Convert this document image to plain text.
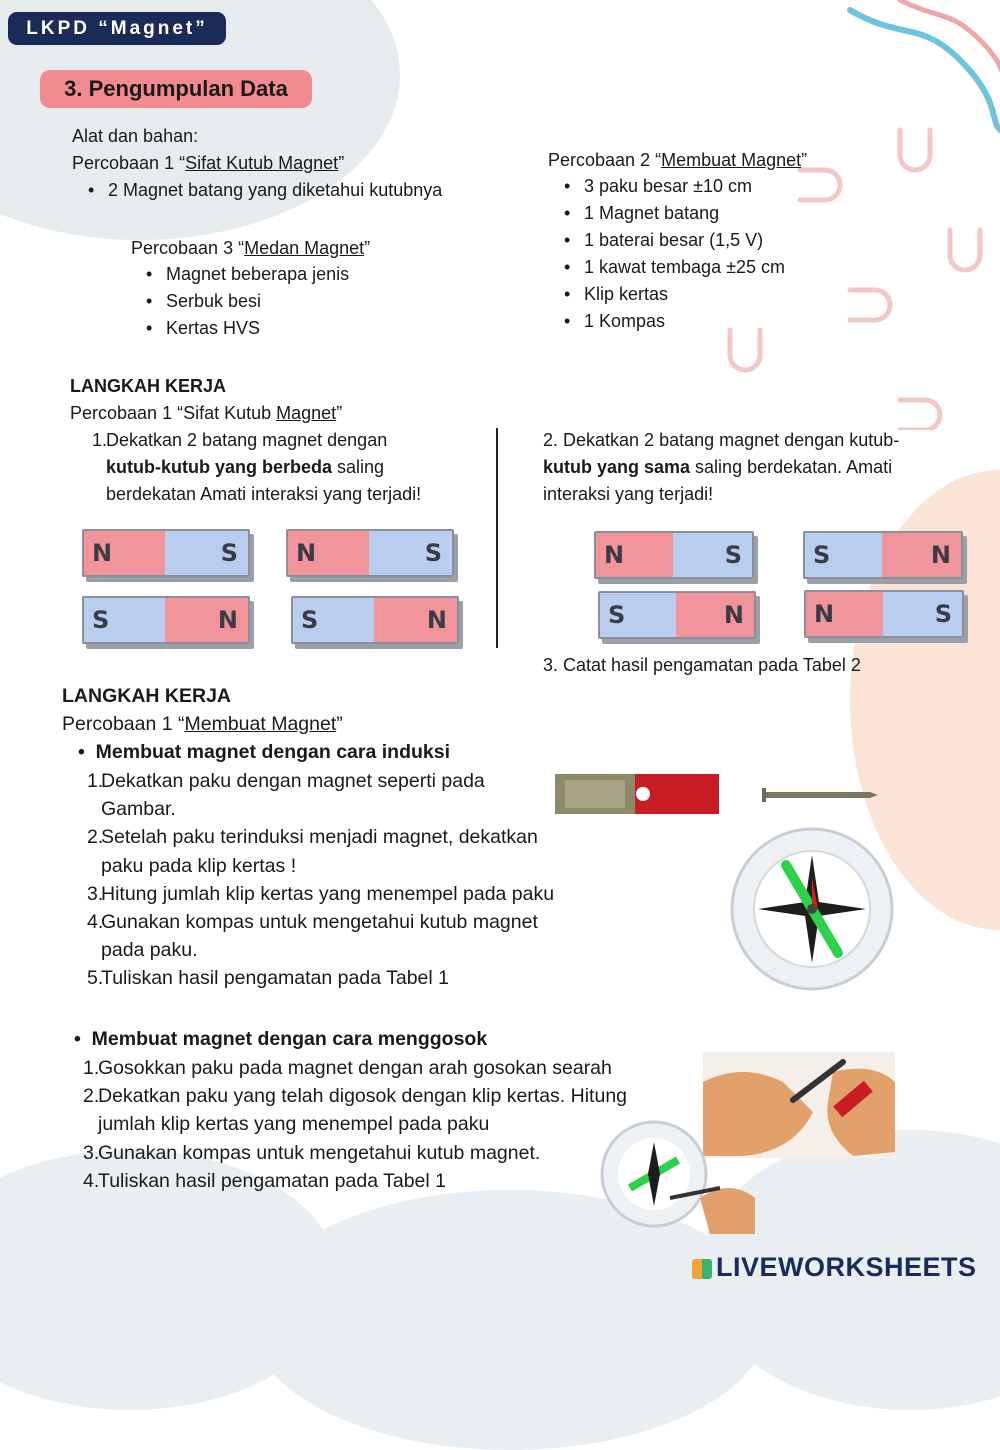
LKPD “Magnet”
3. Pengumpulan Data
Alat dan bahan:
Percobaan 1 “Sifat Kutub Magnet”
• 2 Magnet batang yang diketahui kutubnya
Percobaan 3 “Medan Magnet”
• Magnet beberapa jenis
• Serbuk besi
• Kertas HVS
Percobaan 2 “Membuat Magnet”
• 3 paku besar ±10 cm
• 1 Magnet batang
• 1 baterai besar (1,5 V)
• 1 kawat tembaga ±25 cm
• Klip kertas
• 1 Kompas
LANGKAH KERJA
Percobaan 1 “Sifat Kutub Magnet”
1.
Dekatkan 2 batang magnet dengan
kutub-kutub yang berbeda saling
berdekatan Amati interaksi yang terjadi!
2. Dekatkan 2 batang magnet dengan kutub-
kutub yang sama saling berdekatan. Amati
interaksi yang terjadi!
N	S	N	S
S	N	S	N
N	S	S	N
S	N	N	S
3. Catat hasil pengamatan pada Tabel 2
LANGKAH KERJA
Percobaan 1 “Membuat Magnet”
•  Membuat magnet dengan cara induksi
1.
Dekatkan paku dengan magnet seperti pada
Gambar.
2.
Setelah paku terinduksi menjadi magnet, dekatkan
paku pada klip kertas !
3.
Hitung jumlah klip kertas yang menempel pada paku
4.
Gunakan kompas untuk mengetahui kutub magnet
pada paku.
5.
Tuliskan hasil pengamatan pada Tabel 1
•  Membuat magnet dengan cara menggosok
1.
Gosokkan paku pada magnet dengan arah gosokan searah
2.
Dekatkan paku yang telah digosok dengan klip kertas. Hitung
jumlah klip kertas yang menempel pada paku
3.
Gunakan kompas untuk mengetahui kutub magnet.
4.
Tuliskan hasil pengamatan pada Tabel 1
LIVEWORKSHEETS
